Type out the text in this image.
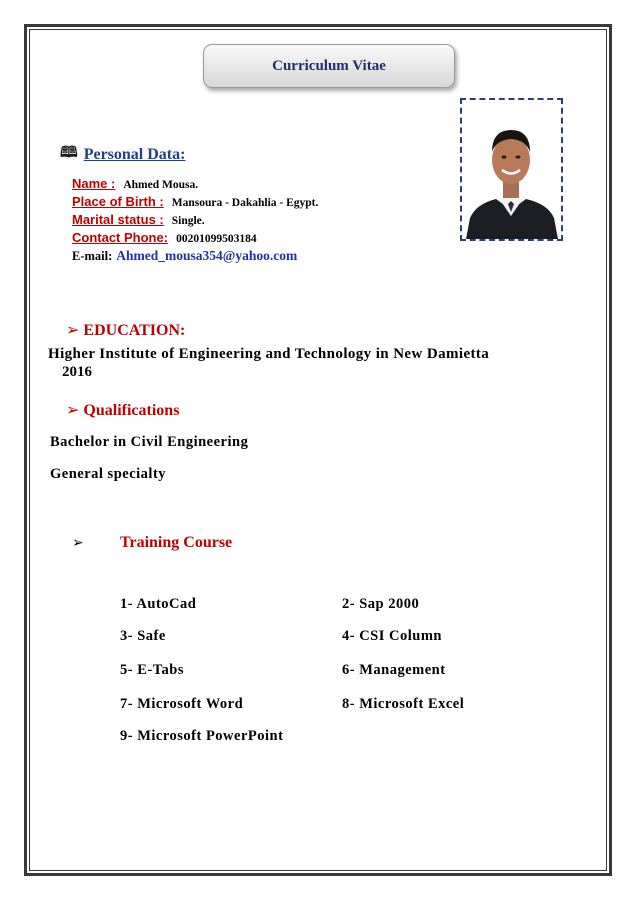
Curriculum Vitae
🕮 Personal Data:
Name : Ahmed Mousa.
Place of Birth : Mansoura - Dakahlia - Egypt.
Marital status : Single.
Contact Phone: 00201099503184
E-mail: Ahmed_mousa354@yahoo.com
➢ EDUCATION:
Higher Institute of Engineering and Technology in New Damietta
2016
➢ Qualifications
Bachelor in Civil Engineering
General specialty
➢	Training Course
1- AutoCad	2- Sap 2000
3- Safe	4- CSI Column
5- E-Tabs	6- Management
7- Microsoft Word	8- Microsoft Excel
9- Microsoft PowerPoint
